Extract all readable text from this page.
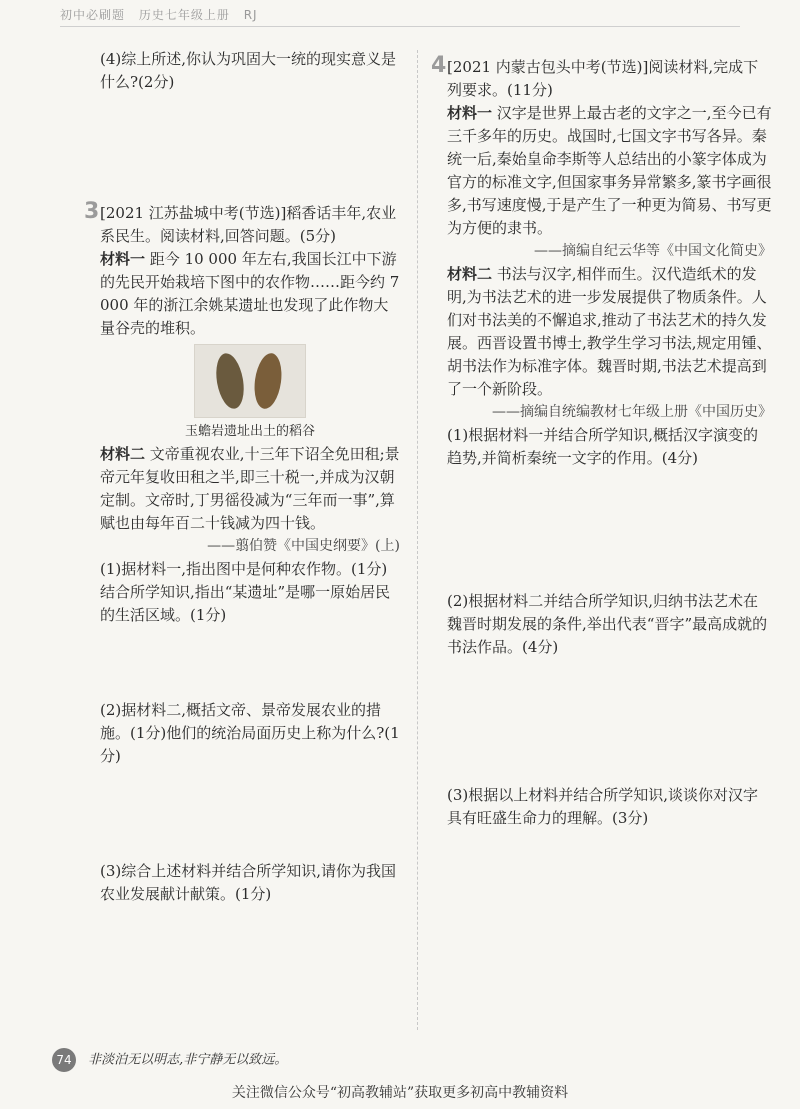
初中必刷题 历史七年级上册 RJ

(4)综上所述,你认为巩固大一统的现实意义是什么?(2分)

3 [2021 江苏盐城中考(节选)]稻香话丰年,农业系民生。阅读材料,回答问题。(5分)

材料一 距今 10 000 年左右,我国长江中下游的先民开始栽培下图中的农作物……距今约 7 000 年的浙江余姚某遗址也发现了此作物大量谷壳的堆积。

玉蟾岩遗址出土的稻谷

材料二 文帝重视农业,十三年下诏全免田租;景帝元年复收田租之半,即三十税一,并成为汉朝定制。文帝时,丁男徭役减为“三年而一事”,算赋也由每年百二十钱减为四十钱。

——翦伯赞《中国史纲要》(上)

(1)据材料一,指出图中是何种农作物。(1分)结合所学知识,指出“某遗址”是哪一原始居民的生活区域。(1分)

(2)据材料二,概括文帝、景帝发展农业的措施。(1分)他们的统治局面历史上称为什么?(1分)

(3)综合上述材料并结合所学知识,请你为我国农业发展献计献策。(1分)

4 [2021 内蒙古包头中考(节选)]阅读材料,完成下列要求。(11分)

材料一 汉字是世界上最古老的文字之一,至今已有三千多年的历史。战国时,七国文字书写各异。秦统一后,秦始皇命李斯等人总结出的小篆字体成为官方的标准文字,但国家事务异常繁多,篆书字画很多,书写速度慢,于是产生了一种更为简易、书写更为方便的隶书。

——摘编自纪云华等《中国文化简史》

材料二 书法与汉字,相伴而生。汉代造纸术的发明,为书法艺术的进一步发展提供了物质条件。人们对书法美的不懈追求,推动了书法艺术的持久发展。西晋设置书博士,教学生学习书法,规定用锺、胡书法作为标准字体。魏晋时期,书法艺术提高到了一个新阶段。

——摘编自统编教材七年级上册《中国历史》

(1)根据材料一并结合所学知识,概括汉字演变的趋势,并简析秦统一文字的作用。(4分)

(2)根据材料二并结合所学知识,归纳书法艺术在魏晋时期发展的条件,举出代表“晋字”最高成就的书法作品。(4分)

(3)根据以上材料并结合所学知识,谈谈你对汉字具有旺盛生命力的理解。(3分)

74 非淡泊无以明志,非宁静无以致远。
关注微信公众号“初高教辅站”获取更多初高中教辅资料
